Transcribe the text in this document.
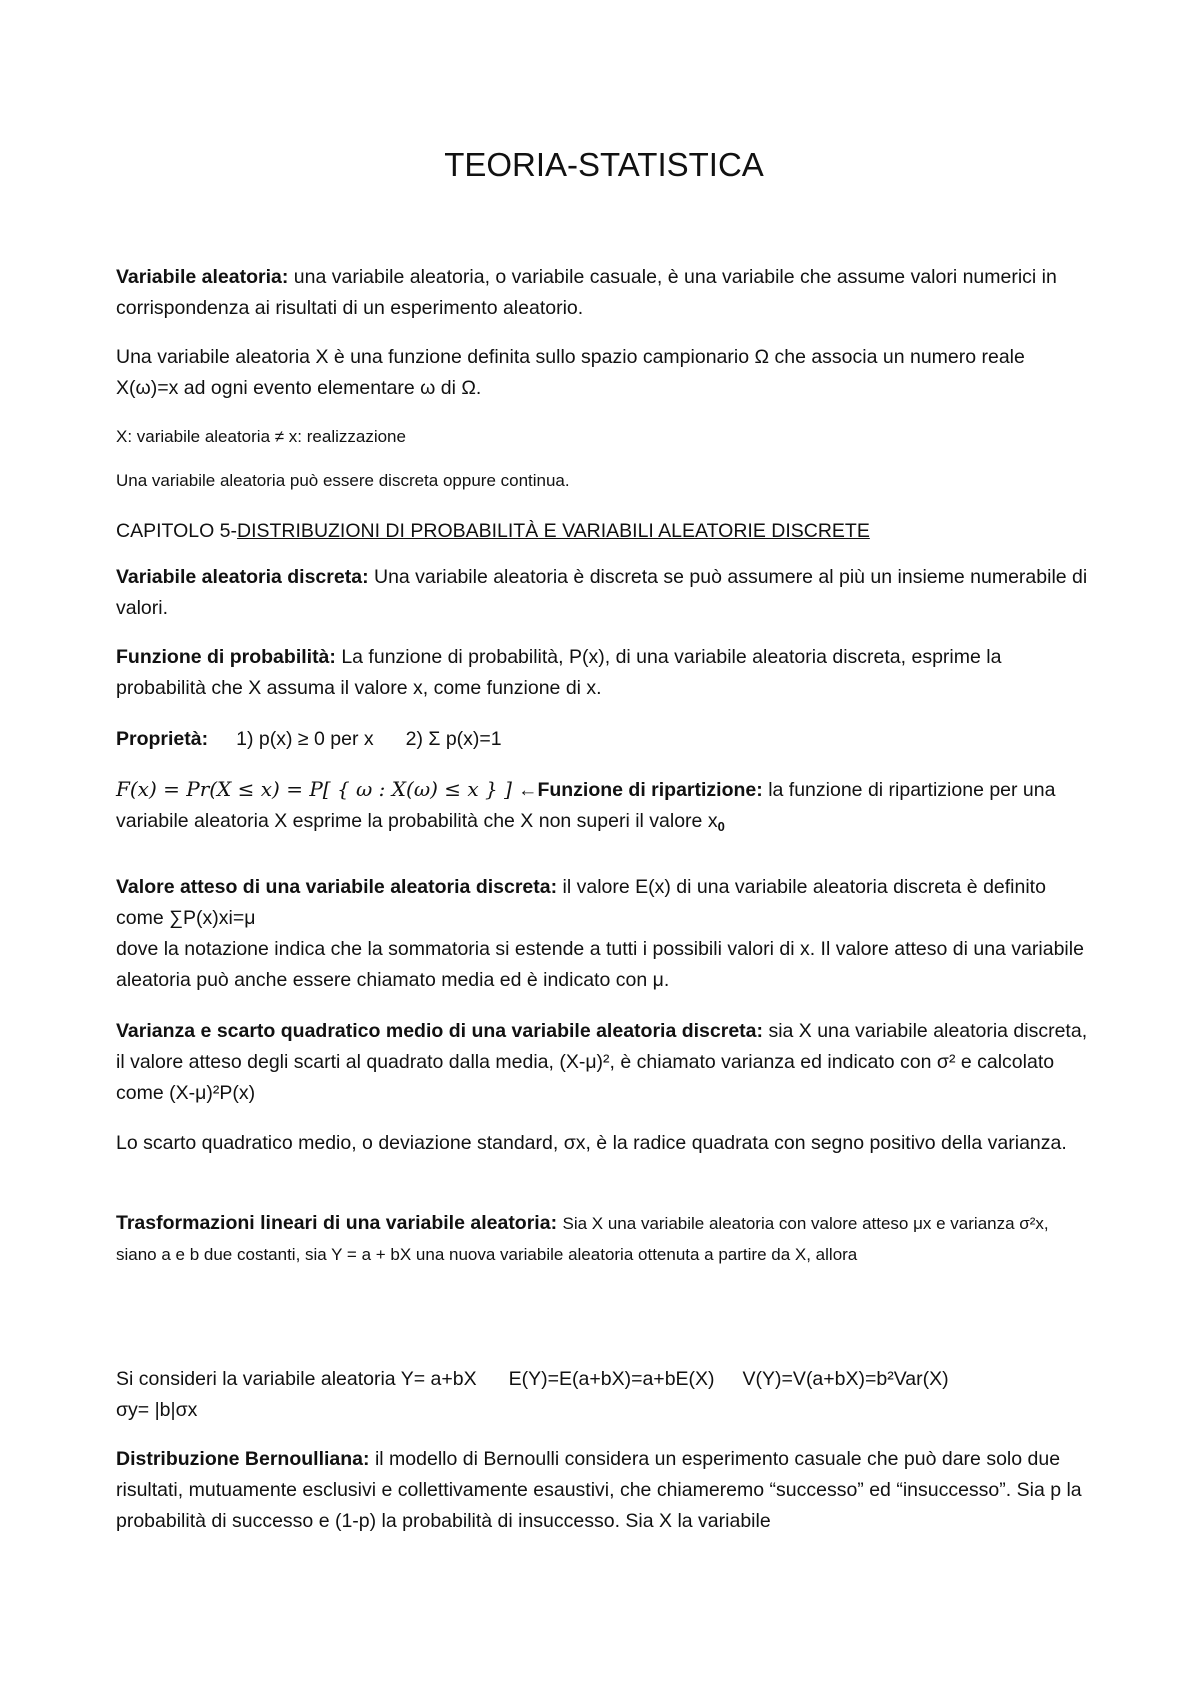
TEORIA-STATISTICA

Variabile aleatoria: una variabile aleatoria, o variabile casuale, è una variabile che assume valori numerici in corrispondenza ai risultati di un esperimento aleatorio.

Una variabile aleatoria X è una funzione definita sullo spazio campionario Ω che associa un numero reale X(ω)=x ad ogni evento elementare ω di Ω.

X: variabile aleatoria ≠ x: realizzazione

Una variabile aleatoria può essere discreta oppure continua.

CAPITOLO 5-DISTRIBUZIONI DI PROBABILITÀ E VARIABILI ALEATORIE DISCRETE

Variabile aleatoria discreta: Una variabile aleatoria è discreta se può assumere al più un insieme numerabile di valori.

Funzione di probabilità: La funzione di probabilità, P(x), di una variabile aleatoria discreta, esprime la probabilità che X assuma il valore x, come funzione di x.

Proprietà: 1) p(x) ≥ 0 per x 2) Σ p(x)=1

F(x) = Pr(X ≤ x) = P[ { ω : X(ω) ≤ x } ] ←Funzione di ripartizione: la funzione di ripartizione per una variabile aleatoria X esprime la probabilità che X non superi il valore $x_0$

Valore atteso di una variabile aleatoria discreta: il valore E(x) di una variabile aleatoria discreta è definito come ∑P(x)xi=μ
dove la notazione indica che la sommatoria si estende a tutti i possibili valori di x. Il valore atteso di una variabile aleatoria può anche essere chiamato media ed è indicato con μ.

Varianza e scarto quadratico medio di una variabile aleatoria discreta: sia X una variabile aleatoria discreta, il valore atteso degli scarti al quadrato dalla media, (X-μ)², è chiamato varianza ed indicato con σ² e calcolato come (X-μ)²P(x)

Lo scarto quadratico medio, o deviazione standard, σx, è la radice quadrata con segno positivo della varianza.

Trasformazioni lineari di una variabile aleatoria: Sia X una variabile aleatoria con valore atteso μx e varianza σ²x, siano a e b due costanti, sia Y = a + bX una nuova variabile aleatoria ottenuta a partire da X, allora

Si consideri la variabile aleatoria Y= a+bX E(Y)=E(a+bX)=a+bE(X) V(Y)=V(a+bX)=b²Var(X)
σy= |b|σx

Distribuzione Bernoulliana: il modello di Bernoulli considera un esperimento casuale che può dare solo due risultati, mutuamente esclusivi e collettivamente esaustivi, che chiameremo “successo” ed “insuccesso”. Sia p la probabilità di successo e (1-p) la probabilità di insuccesso. Sia X la variabile
